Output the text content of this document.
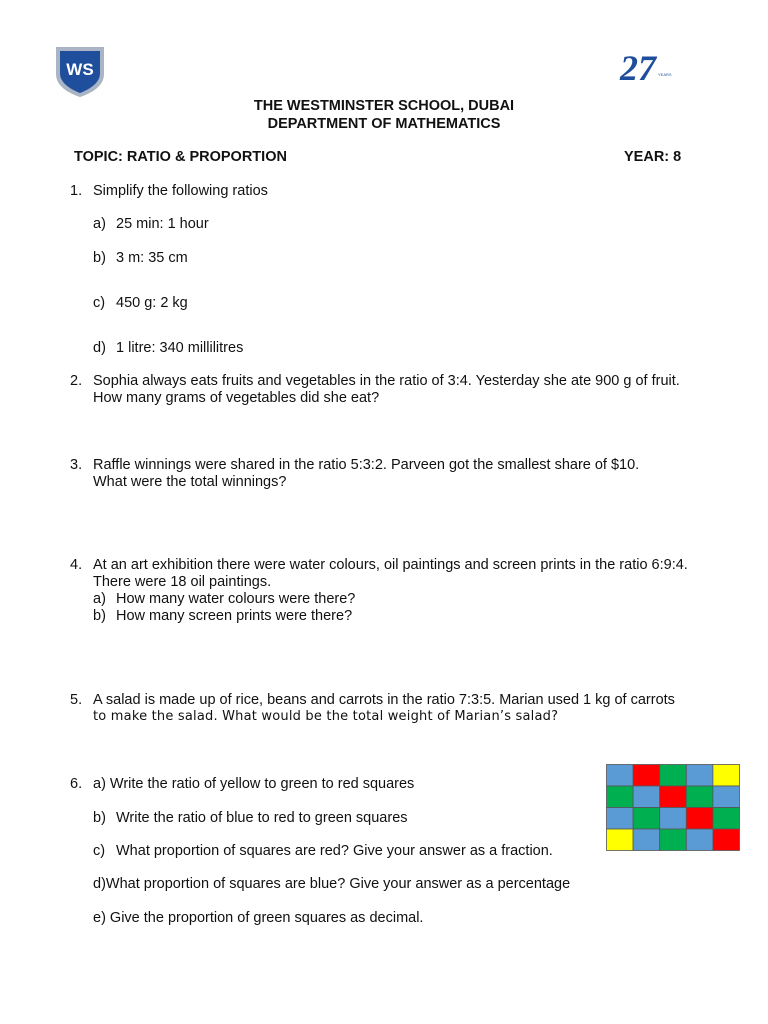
WS	27 YEARS
THE WESTMINSTER SCHOOL, DUBAI
DEPARTMENT OF MATHEMATICS
TOPIC: RATIO & PROPORTION	YEAR: 8
1. Simplify the following ratios
a) 25 min: 1 hour
b) 3 m: 35 cm
c) 450 g: 2 kg
d) 1 litre: 340 millilitres
2. Sophia always eats fruits and vegetables in the ratio of 3:4. Yesterday she ate 900 g of fruit.
How many grams of vegetables did she eat?
3. Raffle winnings were shared in the ratio 5:3:2. Parveen got the smallest share of $10.
What were the total winnings?
4. At an art exhibition there were water colours, oil paintings and screen prints in the ratio 6:9:4.
There were 18 oil paintings.
a) How many water colours were there?
b) How many screen prints were there?
5. A salad is made up of rice, beans and carrots in the ratio 7:3:5. Marian used 1 kg of carrots
to make the salad. What would be the total weight of Marian’s salad?
6. a) Write the ratio of yellow to green to red squares
b) Write the ratio of blue to red to green squares
c) What proportion of squares are red? Give your answer as a fraction.
d)What proportion of squares are blue? Give your answer as a percentage
e) Give the proportion of green squares as decimal.
